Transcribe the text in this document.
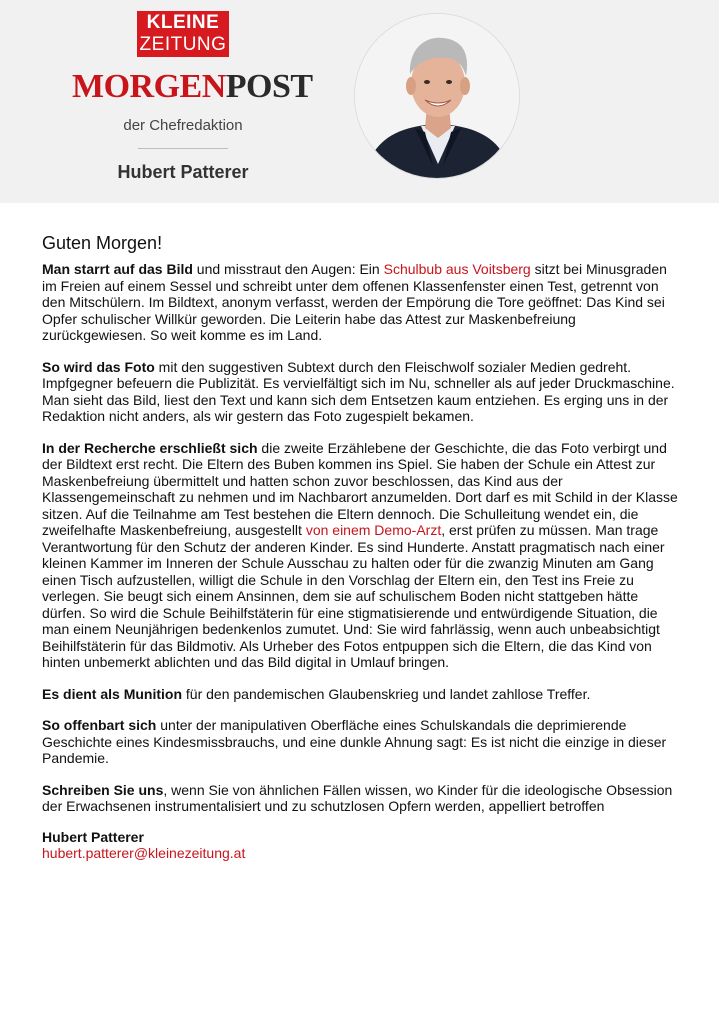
KLEINE
ZEITUNG
MORGENPOST
der Chefredaktion
Hubert Patterer
Guten Morgen!

Man starrt auf das Bild und misstraut den Augen: Ein Schulbub aus Voitsberg sitzt bei Minusgraden im Freien auf einem Sessel und schreibt unter dem offenen Klassenfenster einen Test, getrennt von den Mitschülern. Im Bildtext, anonym verfasst, werden der Empörung die Tore geöffnet: Das Kind sei Opfer schulischer Willkür geworden. Die Leiterin habe das Attest zur Maskenbefreiung zurückgewiesen. So weit komme es im Land.

So wird das Foto mit den suggestiven Subtext durch den Fleischwolf sozialer Medien gedreht. Impfgegner befeuern die Publizität. Es vervielfältigt sich im Nu, schneller als auf jeder Druckmaschine. Man sieht das Bild, liest den Text und kann sich dem Entsetzen kaum entziehen. Es erging uns in der Redaktion nicht anders, als wir gestern das Foto zugespielt bekamen.

In der Recherche erschließt sich die zweite Erzählebene der Geschichte, die das Foto verbirgt und der Bildtext erst recht. Die Eltern des Buben kommen ins Spiel. Sie haben der Schule ein Attest zur Maskenbefreiung übermittelt und hatten schon zuvor beschlossen, das Kind aus der Klassengemeinschaft zu nehmen und im Nachbarort anzumelden. Dort darf es mit Schild in der Klasse sitzen. Auf die Teilnahme am Test bestehen die Eltern dennoch. Die Schulleitung wendet ein, die zweifelhafte Maskenbefreiung, ausgestellt von einem Demo-Arzt, erst prüfen zu müssen. Man trage Verantwortung für den Schutz der anderen Kinder. Es sind Hunderte. Anstatt pragmatisch nach einer kleinen Kammer im Inneren der Schule Ausschau zu halten oder für die zwanzig Minuten am Gang einen Tisch aufzustellen, willigt die Schule in den Vorschlag der Eltern ein, den Test ins Freie zu verlegen. Sie beugt sich einem Ansinnen, dem sie auf schulischem Boden nicht stattgeben hätte dürfen. So wird die Schule Beihilfstäterin für eine stigmatisierende und entwürdigende Situation, die man einem Neunjährigen bedenkenlos zumutet. Und: Sie wird fahrlässig, wenn auch unbeabsichtigt Beihilfstäterin für das Bildmotiv. Als Urheber des Fotos entpuppen sich die Eltern, die das Kind von hinten unbemerkt ablichten und das Bild digital in Umlauf bringen.

Es dient als Munition für den pandemischen Glaubenskrieg und landet zahllose Treffer.

So offenbart sich unter der manipulativen Oberfläche eines Schulskandals die deprimierende Geschichte eines Kindesmissbrauchs, und eine dunkle Ahnung sagt: Es ist nicht die einzige in dieser Pandemie.

Schreiben Sie uns, wenn Sie von ähnlichen Fällen wissen, wo Kinder für die ideologische Obsession der Erwachsenen instrumentalisiert und zu schutzlosen Opfern werden, appelliert betroffen

Hubert Patterer
hubert.patterer@kleinezeitung.at
